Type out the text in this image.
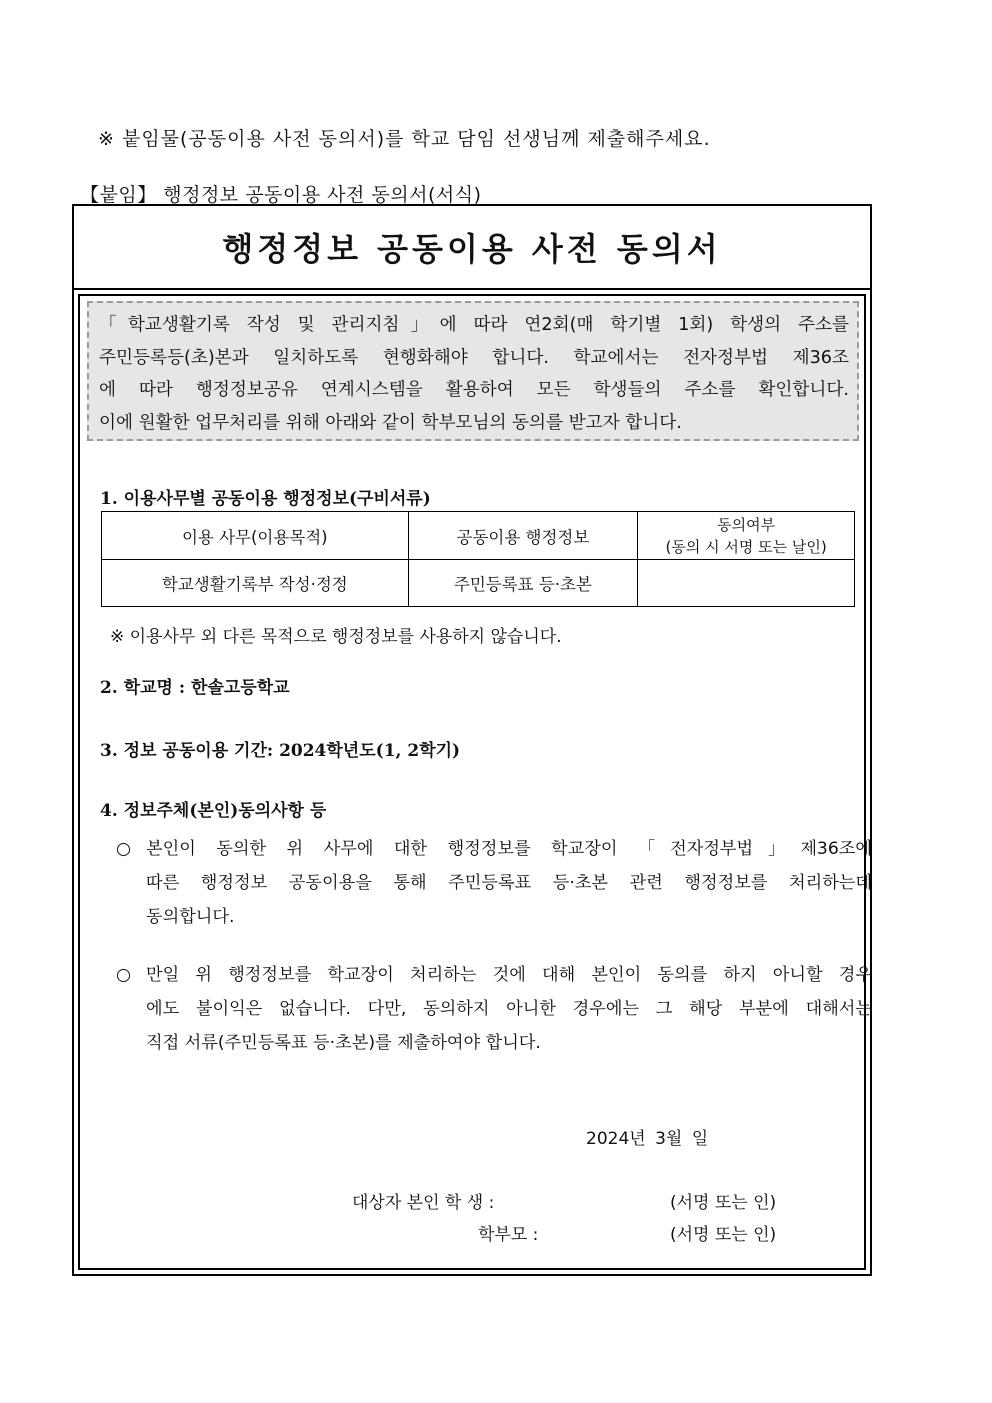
※ 붙임물(공동이용 사전 동의서)를 학교 담임 선생님께 제출해주세요.
【붙임】 행정정보 공동이용 사전 동의서(서식)
행정정보 공동이용 사전 동의서
「학교생활기록 작성 및 관리지침」에 따라 연2회(매 학기별 1회) 학생의 주소를
주민등록등(초)본과 일치하도록 현행화해야 합니다. 학교에서는 전자정부법 제36조
에 따라 행정정보공유 연계시스템을 활용하여 모든 학생들의 주소를 확인합니다.
이에 원활한 업무처리를 위해 아래와 같이 학부모님의 동의를 받고자 합니다.
1. 이용사무별 공동이용 행정정보(구비서류)
이용 사무(이용목적)	공동이용 행정정보	동의여부
(동의 시 서명 또는 날인)

학교생활기록부 작성·정정	주민등록표 등·초본	
※ 이용사무 외 다른 목적으로 행정정보를 사용하지 않습니다.
2. 학교명 : 한솔고등학교
3. 정보 공동이용 기간: 2024학년도(1, 2학기)
4. 정보주체(본인)동의사항 등
○ 본인이 동의한 위 사무에 대한 행정정보를 학교장이 「전자정부법」제36조에
따른 행정정보 공동이용을 통해 주민등록표 등·초본 관련 행정정보를 처리하는데
동의합니다.
○ 만일 위 행정정보를 학교장이 처리하는 것에 대해 본인이 동의를 하지 아니할 경우
에도 불이익은 없습니다. 다만, 동의하지 아니한 경우에는 그 해당 부분에 대해서는
직접 서류(주민등록표 등·초본)를 제출하여야 합니다.
2024년 3월 일
대상자 본인 학 생 :	(서명 또는 인)
학부모 :	(서명 또는 인)
